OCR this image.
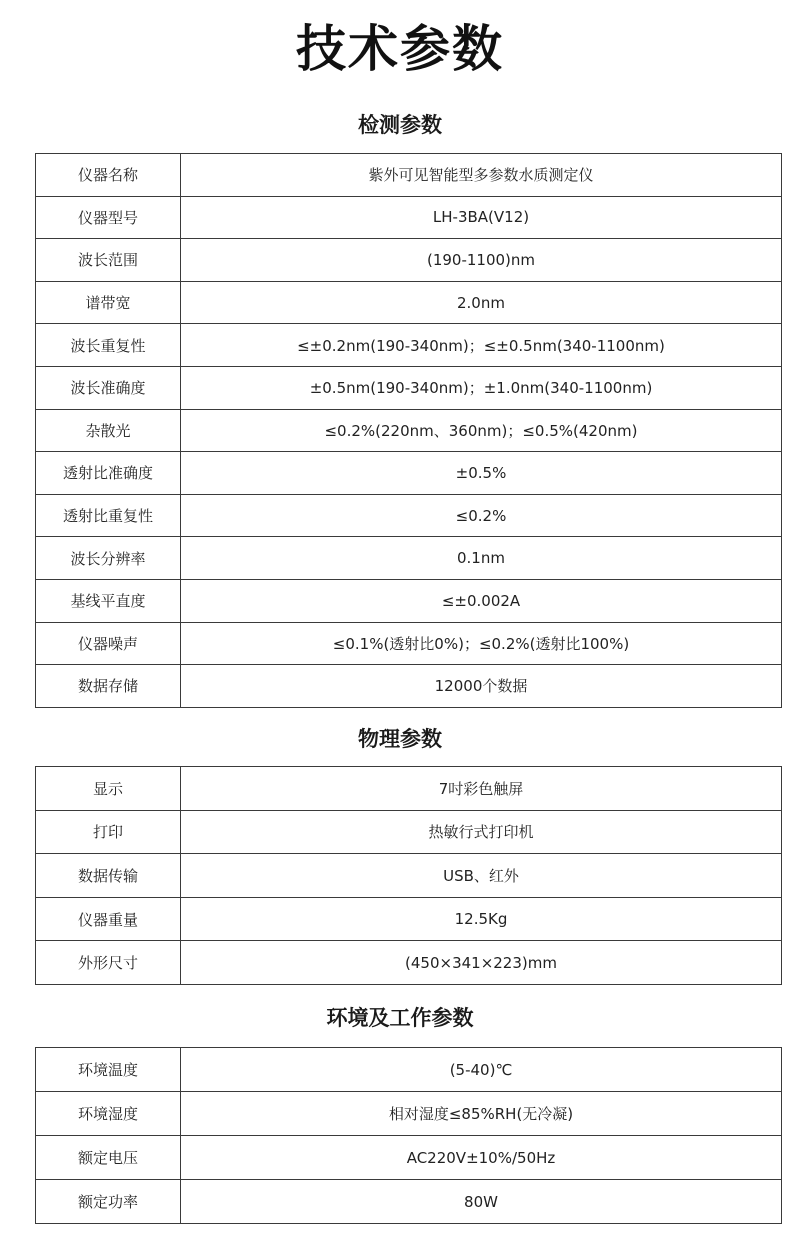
技术参数
检测参数
仪器名称	紫外可见智能型多参数水质测定仪
仪器型号	LH-3BA(V12)
波长范围	(190-1100)nm
谱带宽	2.0nm
波长重复性	≤±0.2nm(190-340nm)；≤±0.5nm(340-1100nm)
波长准确度	±0.5nm(190-340nm)；±1.0nm(340-1100nm)
杂散光	≤0.2%(220nm、360nm)；≤0.5%(420nm)
透射比准确度	±0.5%
透射比重复性	≤0.2%
波长分辨率	0.1nm
基线平直度	≤±0.002A
仪器噪声	≤0.1%(透射比0%)；≤0.2%(透射比100%)
数据存储	12000个数据
物理参数
显示	7吋彩色触屏
打印	热敏行式打印机
数据传输	USB、红外
仪器重量	12.5Kg
外形尺寸	(450×341×223)mm
环境及工作参数
环境温度	(5-40)℃
环境湿度	相对湿度≤85%RH(无冷凝)
额定电压	AC220V±10%/50Hz
额定功率	80W
